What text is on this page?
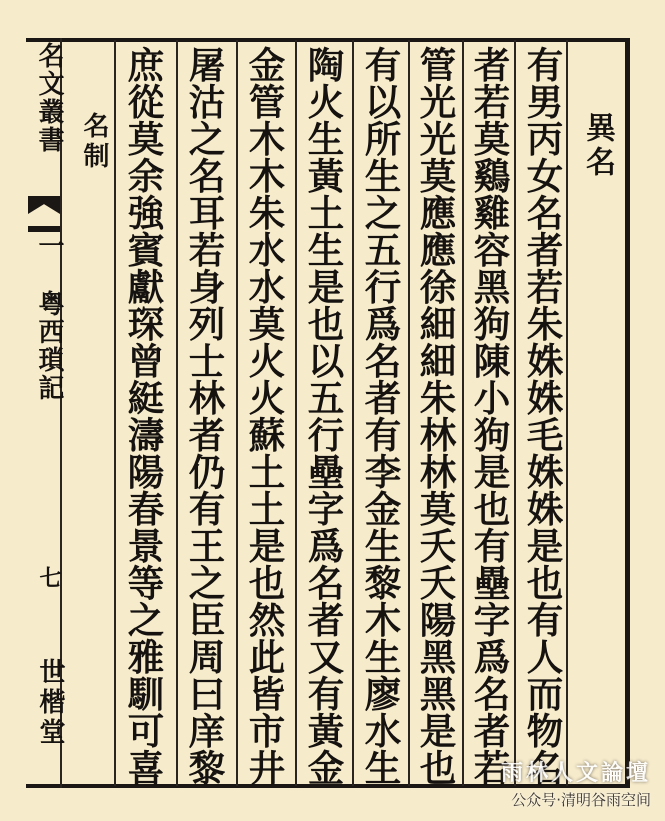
名文叢書
一
粤西瑣記
七
世楷堂
名制	有男丙女名者若朱姝姝毛姝姝是也有人而物名
者若莫鷄雞容黑狗陳小狗是也有壘字爲名者若
管光光莫應應徐細細朱林林莫夭夭陽黑黑是也
有以所生之五行爲名者有李金生黎木生廖水生
陶火生黃土生是也以五行壘字爲名者又有黃金
金管木木朱水水莫火火蘇土土是也然此皆市井
屠沽之名耳若身列士林者仍有王之臣周曰庠黎
庶從莫余強賓獻琛曾綎濤陽春景等之雅馴可喜	異名
雨林人文論壇
公众号·清明谷雨空间
